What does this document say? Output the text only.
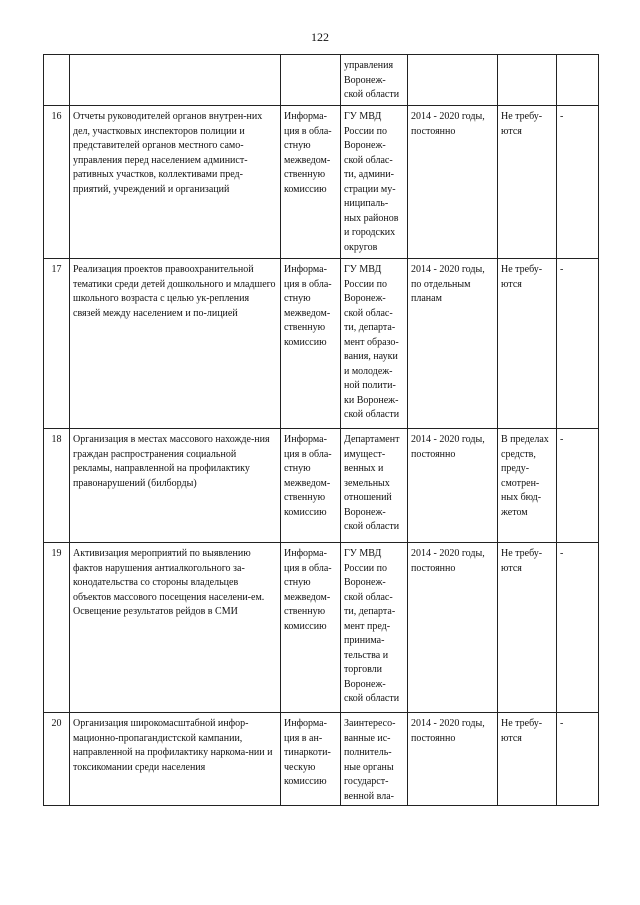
122
			управления Воронеж-ской области			
16	Отчеты руководителей органов внутрен-них дел, участковых инспекторов полиции и представителей органов местного само-управления перед населением админист-ративных участков, коллективами пред-приятий, учреждений и организаций	Информа-ция в обла-стную межведом-ственную комиссию	ГУ МВД России по Воронеж-ской облас-ти, админи-страции му-ниципаль-ных районов и городских округов	2014 - 2020 годы, постоянно	Не требу-ются	-
17	Реализация проектов правоохранительной тематики среди детей дошкольного и младшего школьного возраста с целью ук-репления связей между населением и по-лицией	Информа-ция в обла-стную межведом-ственную комиссию	ГУ МВД России по Воронеж-ской облас-ти, департа-мент образо-вания, науки и молодеж-ной полити-ки Воронеж-ской области	2014 - 2020 годы, по отдельным планам	Не требу-ются	-
18	Организация в местах массового нахожде-ния граждан распространения социальной рекламы, направленной на профилактику правонарушений (билборды)	Информа-ция в обла-стную межведом-ственную комиссию	Департамент имущест-венных и земельных отношений Воронеж-ской области	2014 - 2020 годы, постоянно	В пределах средств, преду-смотрен-ных бюд-жетом	-
19	Активизация мероприятий по выявлению фактов нарушения антиалкогольного за-конодательства со стороны владельцев объектов массового посещения населени-ем. Освещение результатов рейдов в СМИ	Информа-ция в обла-стную межведом-ственную комиссию	ГУ МВД России по Воронеж-ской облас-ти, департа-мент пред-принима-тельства и торговли Воронеж-ской области	2014 - 2020 годы, постоянно	Не требу-ются	-
20	Организация широкомасштабной инфор-мационно-пропагандистской кампании, направленной на профилактику наркома-нии и токсикомании среди населения	Информа-ция в ан-тинаркоти-ческую комиссию	Заинтересо-ванные ис-полнитель-ные органы государст-венной вла-	2014 - 2020 годы, постоянно	Не требу-ются	-
